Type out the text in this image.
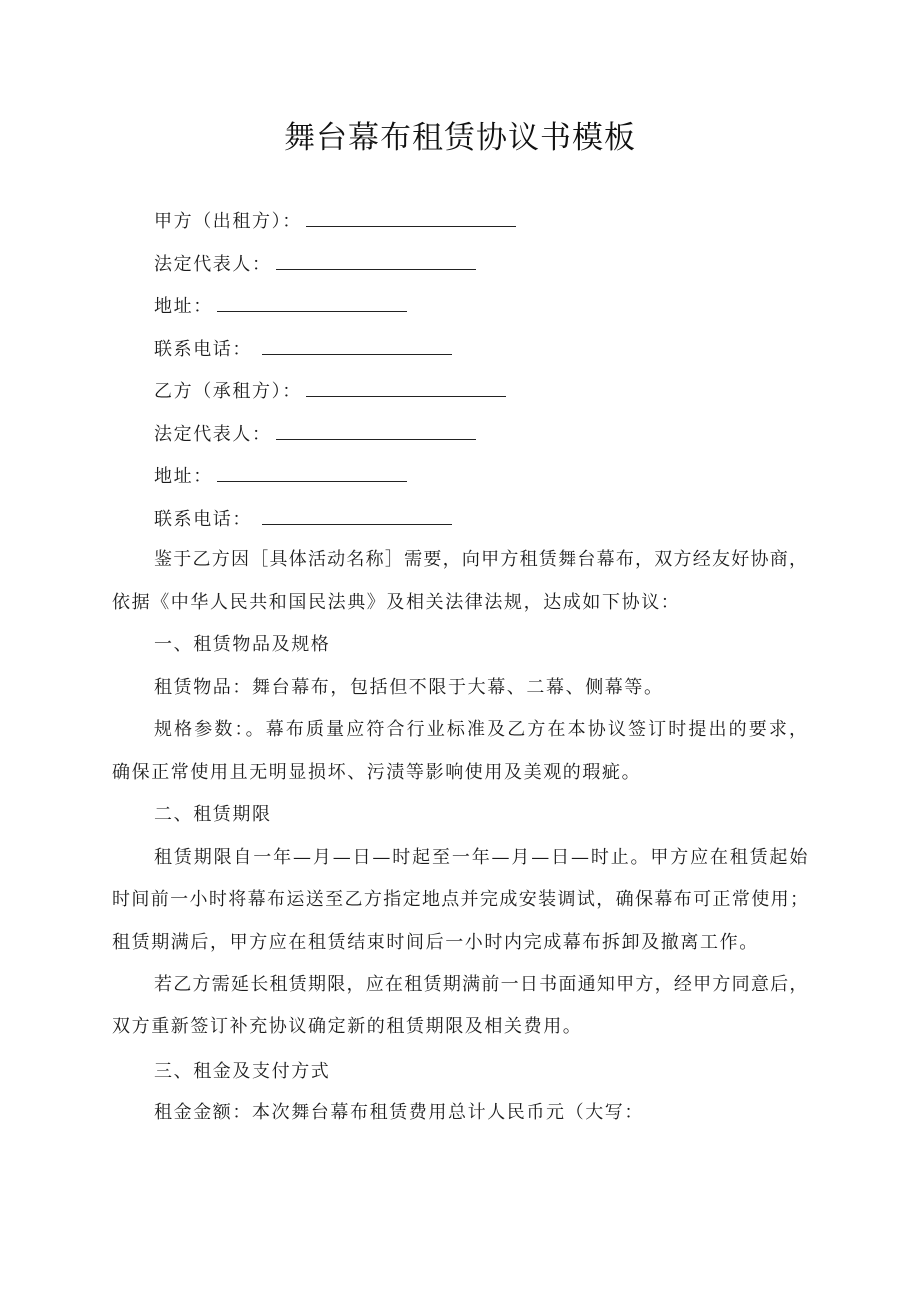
舞台幕布租赁协议书模板
甲方（出租方）：
法定代表人：
地址：
联系电话：
乙方（承租方）：
法定代表人：
地址：
联系电话：
鉴于乙方因［具体活动名称］需要，向甲方租赁舞台幕布，双方经友好协商，
依据《中华人民共和国民法典》及相关法律法规，达成如下协议：
一、租赁物品及规格
租赁物品：舞台幕布，包括但不限于大幕、二幕、侧幕等。
规格参数：。幕布质量应符合行业标准及乙方在本协议签订时提出的要求，
确保正常使用且无明显损坏、污渍等影响使用及美观的瑕疵。
二、租赁期限
租赁期限自一年—月—日—时起至一年—月—日—时止。甲方应在租赁起始
时间前一小时将幕布运送至乙方指定地点并完成安装调试，确保幕布可正常使用；
租赁期满后，甲方应在租赁结束时间后一小时内完成幕布拆卸及撤离工作。
若乙方需延长租赁期限，应在租赁期满前一日书面通知甲方，经甲方同意后，
双方重新签订补充协议确定新的租赁期限及相关费用。
三、租金及支付方式
租金金额：本次舞台幕布租赁费用总计人民币元（大写：
